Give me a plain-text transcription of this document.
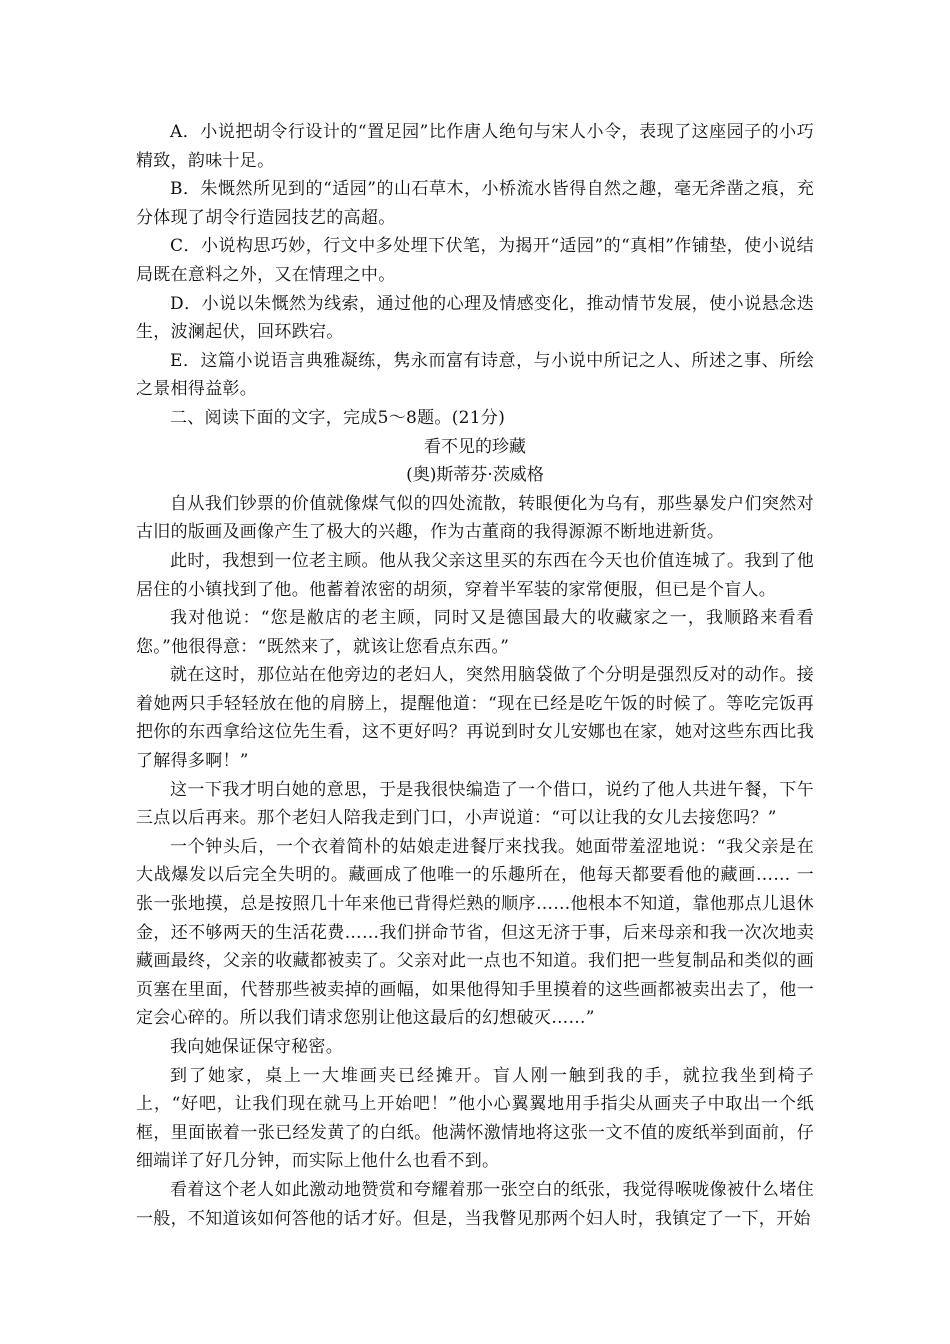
A．小说把胡令行设计的“置足园”比作唐人绝句与宋人小令，表现了这座园子的小巧精致，韵味十足。

B．朱慨然所见到的“适园”的山石草木，小桥流水皆得自然之趣，毫无斧凿之痕，充分体现了胡令行造园技艺的高超。

C．小说构思巧妙，行文中多处埋下伏笔，为揭开“适园”的“真相”作铺垫，使小说结局既在意料之外，又在情理之中。

D．小说以朱慨然为线索，通过他的心理及情感变化，推动情节发展，使小说悬念迭生，波澜起伏，回环跌宕。

E．这篇小说语言典雅凝练，隽永而富有诗意，与小说中所记之人、所述之事、所绘之景相得益彰。

二、阅读下面的文字，完成5～8题。(21分)

看不见的珍藏
(奥)斯蒂芬·茨威格

自从我们钞票的价值就像煤气似的四处流散，转眼便化为乌有，那些暴发户们突然对古旧的版画及画像产生了极大的兴趣，作为古董商的我得源源不断地进新货。

此时，我想到一位老主顾。他从我父亲这里买的东西在今天也价值连城了。我到了他居住的小镇找到了他。他蓄着浓密的胡须，穿着半军装的家常便服，但已是个盲人。

我对他说：“您是敝店的老主顾，同时又是德国最大的收藏家之一，我顺路来看看您。”他很得意：“既然来了，就该让您看点东西。”

就在这时，那位站在他旁边的老妇人，突然用脑袋做了个分明是强烈反对的动作。接着她两只手轻轻放在他的肩膀上，提醒他道：“现在已经是吃午饭的时候了。等吃完饭再把你的东西拿给这位先生看，这不更好吗？再说到时女儿安娜也在家，她对这些东西比我了解得多啊！”

这一下我才明白她的意思，于是我很快编造了一个借口，说约了他人共进午餐，下午三点以后再来。那个老妇人陪我走到门口，小声说道：“可以让我的女儿去接您吗？”

一个钟头后，一个衣着简朴的姑娘走进餐厅来找我。她面带羞涩地说：“我父亲是在大战爆发以后完全失明的。藏画成了他唯一的乐趣所在，他每天都要看他的藏画…… 一张一张地摸，总是按照几十年来他已背得烂熟的顺序……他根本不知道，靠他那点儿退休金，还不够两天的生活花费……我们拼命节省，但这无济于事，后来母亲和我一次次地卖藏画最终，父亲的收藏都被卖了。父亲对此一点也不知道。我们把一些复制品和类似的画页塞在里面，代替那些被卖掉的画幅，如果他得知手里摸着的这些画都被卖出去了，他一定会心碎的。所以我们请求您别让他这最后的幻想破灭……”

我向她保证保守秘密。

到了她家，桌上一大堆画夹已经摊开。盲人刚一触到我的手，就拉我坐到椅子上，“好吧，让我们现在就马上开始吧！”他小心翼翼地用手指尖从画夹子中取出一个纸框，里面嵌着一张已经发黄了的白纸。他满怀激情地将这张一文不值的废纸举到面前，仔细端详了好几分钟，而实际上他什么也看不到。

看着这个老人如此激动地赞赏和夸耀着那一张空白的纸张，我觉得喉咙像被什么堵住一般，不知道该如何答他的话才好。但是，当我瞥见那两个妇人时，我镇定了一下，开始
